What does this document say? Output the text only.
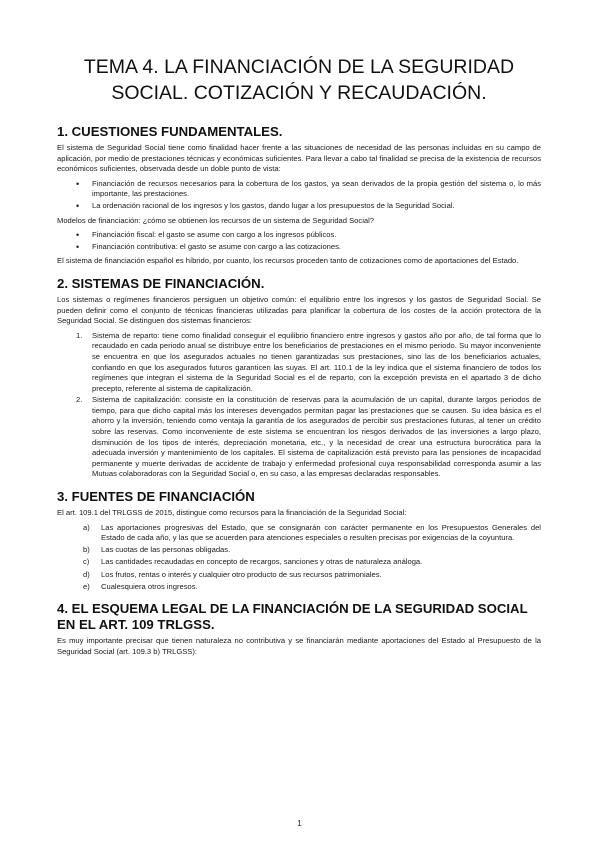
TEMA 4. LA FINANCIACIÓN DE LA SEGURIDAD
SOCIAL. COTIZACIÓN Y RECAUDACIÓN.
1. CUESTIONES FUNDAMENTALES.

El sistema de Seguridad Social tiene como finalidad hacer frente a las situaciones de necesidad de las personas incluidas en su campo de aplicación, por medio de prestaciones técnicas y económicas suficientes. Para llevar a cabo tal finalidad se precisa de la existencia de recursos económicos suficientes, observada desde un doble punto de vista:

• Financiación de recursos necesarios para la cobertura de los gastos, ya sean derivados de la propia gestión del sistema o, lo más importante, las prestaciones.
• La ordenación racional de los ingresos y los gastos, dando lugar a los presupuestos de la Seguridad Social.

Modelos de financiación: ¿cómo se obtienen los recursos de un sistema de Seguridad Social?

• Financiación fiscal: el gasto se asume con cargo a los ingresos públicos.
• Financiación contributiva: el gasto se asume con cargo a las cotizaciones.

El sistema de financiación español es híbrido, por cuanto, los recursos proceden tanto de cotizaciones como de aportaciones del Estado.

2. SISTEMAS DE FINANCIACIÓN.

Los sistemas o regímenes financieros persiguen un objetivo común: el equilibrio entre los ingresos y los gastos de Seguridad Social. Se pueden definir como el conjunto de técnicas financieras utilizadas para planificar la cobertura de los costes de la acción protectora de la Seguridad Social. Se distinguen dos sistemas financieros:

1. Sistema de reparto: tiene como finalidad conseguir el equilibrio financiero entre ingresos y gastos año por año, de tal forma que lo recaudado en cada periodo anual se distribuye entre los beneficiarios de prestaciones en el mismo periodo. Su mayor inconveniente se encuentra en que los asegurados actuales no tienen garantizadas sus prestaciones, sino las de los beneficiarios actuales, confiando en que los asegurados futuros garanticen las suyas. El art. 110.1 de la ley indica que el sistema financiero de todos los regímenes que integran el sistema de la Seguridad Social es el de reparto, con la excepción prevista en el apartado 3 de dicho precepto, referente al sistema de capitalización.
2. Sistema de capitalización: consiste en la constitución de reservas para la acumulación de un capital, durante largos periodos de tiempo, para que dicho capital más los intereses devengados permitan pagar las prestaciones que se causen. Su idea básica es el ahorro y la inversión, teniendo como ventaja la garantía de los asegurados de percibir sus prestaciones futuras, al tener un crédito sobre las reservas. Como inconveniente de este sistema se encuentran los riesgos derivados de las inversiones a largo plazo, disminución de los tipos de interés, depreciación monetaria, etc., y la necesidad de crear una estructura burocrática para la adecuada inversión y mantenimiento de los capitales. El sistema de capitalización está previsto para las pensiones de incapacidad permanente y muerte derivadas de accidente de trabajo y enfermedad profesional cuya responsabilidad corresponda asumir a las Mutuas colaboradoras con la Seguridad Social o, en su caso, a las empresas declaradas responsables.
3. FUENTES DE FINANCIACIÓN

El art. 109.1 del TRLGSS de 2015, distingue como recursos para la financiación de la Seguridad Social:

a) Las aportaciones progresivas del Estado, que se consignarán con carácter permanente en los Presupuestos Generales del Estado de cada año, y las que se acuerden para atenciones especiales o resulten precisas por exigencias de la coyuntura.
b) Las cuotas de las personas obligadas.
c) Las cantidades recaudadas en concepto de recargos, sanciones y otras de naturaleza análoga.
d) Los frutos, rentas o interés y cualquier otro producto de sus recursos patrimoniales.
e) Cualesquiera otros ingresos.
4. EL ESQUEMA LEGAL DE LA FINANCIACIÓN DE LA SEGURIDAD SOCIAL EN EL ART. 109 TRLGSS.

Es muy importante precisar que tienen naturaleza no contributiva y se financiarán mediante aportaciones del Estado al Presupuesto de la Seguridad Social (art. 109.3 b) TRLGSS):

1
